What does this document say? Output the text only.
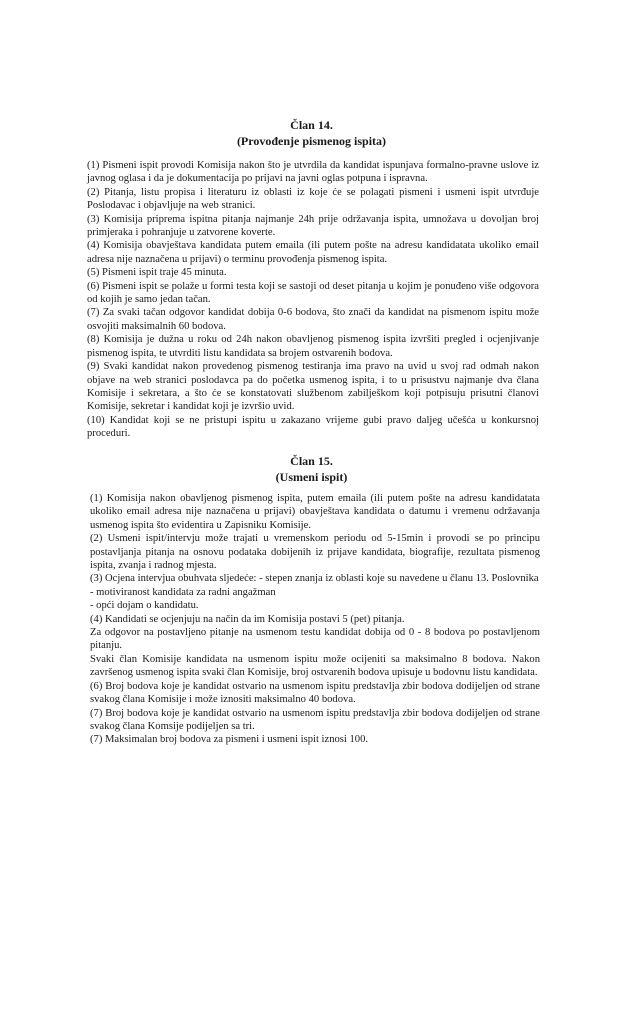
Član 14.

(Provođenje pismenog ispita)

(1) Pismeni ispit provodi Komisija nakon što je utvrdila da kandidat ispunjava formalno-pravne uslove iz javnog oglasa i da je dokumentacija po prijavi na javni oglas potpuna i ispravna.

(2) Pitanja, listu propisa i literaturu iz oblasti iz koje će se polagati pismeni i usmeni ispit utvrđuje Poslodavac i objavljuje na web stranici.

(3) Komisija priprema ispitna pitanja najmanje 24h prije održavanja ispita, umnožava u dovoljan broj primjeraka i pohranjuje u zatvorene koverte.

(4) Komisija obavještava kandidata putem emaila (ili putem pošte na adresu kandidatata ukoliko email adresa nije naznačena u prijavi) o terminu provođenja pismenog ispita.

(5) Pismeni ispit traje 45 minuta.

(6) Pismeni ispit se polaže u formi testa koji se sastoji od deset pitanja u kojim je ponuđeno više odgovora od kojih je samo jedan tačan.

(7) Za svaki tačan odgovor kandidat dobija 0-6 bodova, što znači da kandidat na pismenom ispitu može osvojiti maksimalnih 60 bodova.

(8) Komisija je dužna u roku od 24h nakon obavljenog pismenog ispita izvršiti pregled i ocjenjivanje pismenog ispita, te utvrditi listu kandidata sa brojem ostvarenih bodova.

(9) Svaki kandidat nakon provedenog pismenog testiranja ima pravo na uvid u svoj rad odmah nakon objave na web stranici poslodavca pa do početka usmenog ispita, i to u prisustvu najmanje dva člana Komisije i sekretara, a što će se konstatovati službenom zabilješkom koji potpisuju prisutni članovi Komisije, sekretar i kandidat koji je izvršio uvid.

(10) Kandidat koji se ne pristupi ispitu u zakazano vrijeme gubi pravo daljeg učešća u konkursnoj proceduri.

Član 15.

(Usmeni ispit)

(1) Komisija nakon obavljenog pismenog ispita, putem emaila (ili putem pošte na adresu kandidatata ukoliko email adresa nije naznačena u prijavi) obavještava kandidata o datumu i vremenu održavanja usmenog ispita što evidentira u Zapisniku Komisije.

(2) Usmeni ispit/intervju može trajati u vremenskom periodu od 5-15min i provodi se po principu postavljanja pitanja na osnovu podataka dobijenih iz prijave kandidata, biografije, rezultata pismenog ispita, zvanja i radnog mjesta.

(3) Ocjena intervjua obuhvata sljedeće: - stepen znanja iz oblasti koje su navedene u članu 13. Poslovnika

- motiviranost kandidata za radni angažman

- opći dojam o kandidatu.

(4) Kandidati se ocjenjuju na način da im Komisija postavi 5 (pet) pitanja.

Za odgovor na postavljeno pitanje na usmenom testu kandidat dobija od 0 - 8 bodova po postavljenom pitanju.

Svaki član Komisije kandidata na usmenom ispitu može ocijeniti sa maksimalno 8 bodova. Nakon završenog usmenog ispita svaki član Komisije, broj ostvarenih bodova upisuje u bodovnu listu kandidata.

(6) Broj bodova koje je kandidat ostvario na usmenom ispitu predstavlja zbir bodova dodijeljen od strane svakog člana Komisije i može iznositi maksimalno 40 bodova.

(7) Broj bodova koje je kandidat ostvario na usmenom ispitu predstavlja zbir bodova dodijeljen od strane svakog člana Komsije podijeljen sa tri.

(7) Maksimalan broj bodova za pismeni i usmeni ispit iznosi 100.
